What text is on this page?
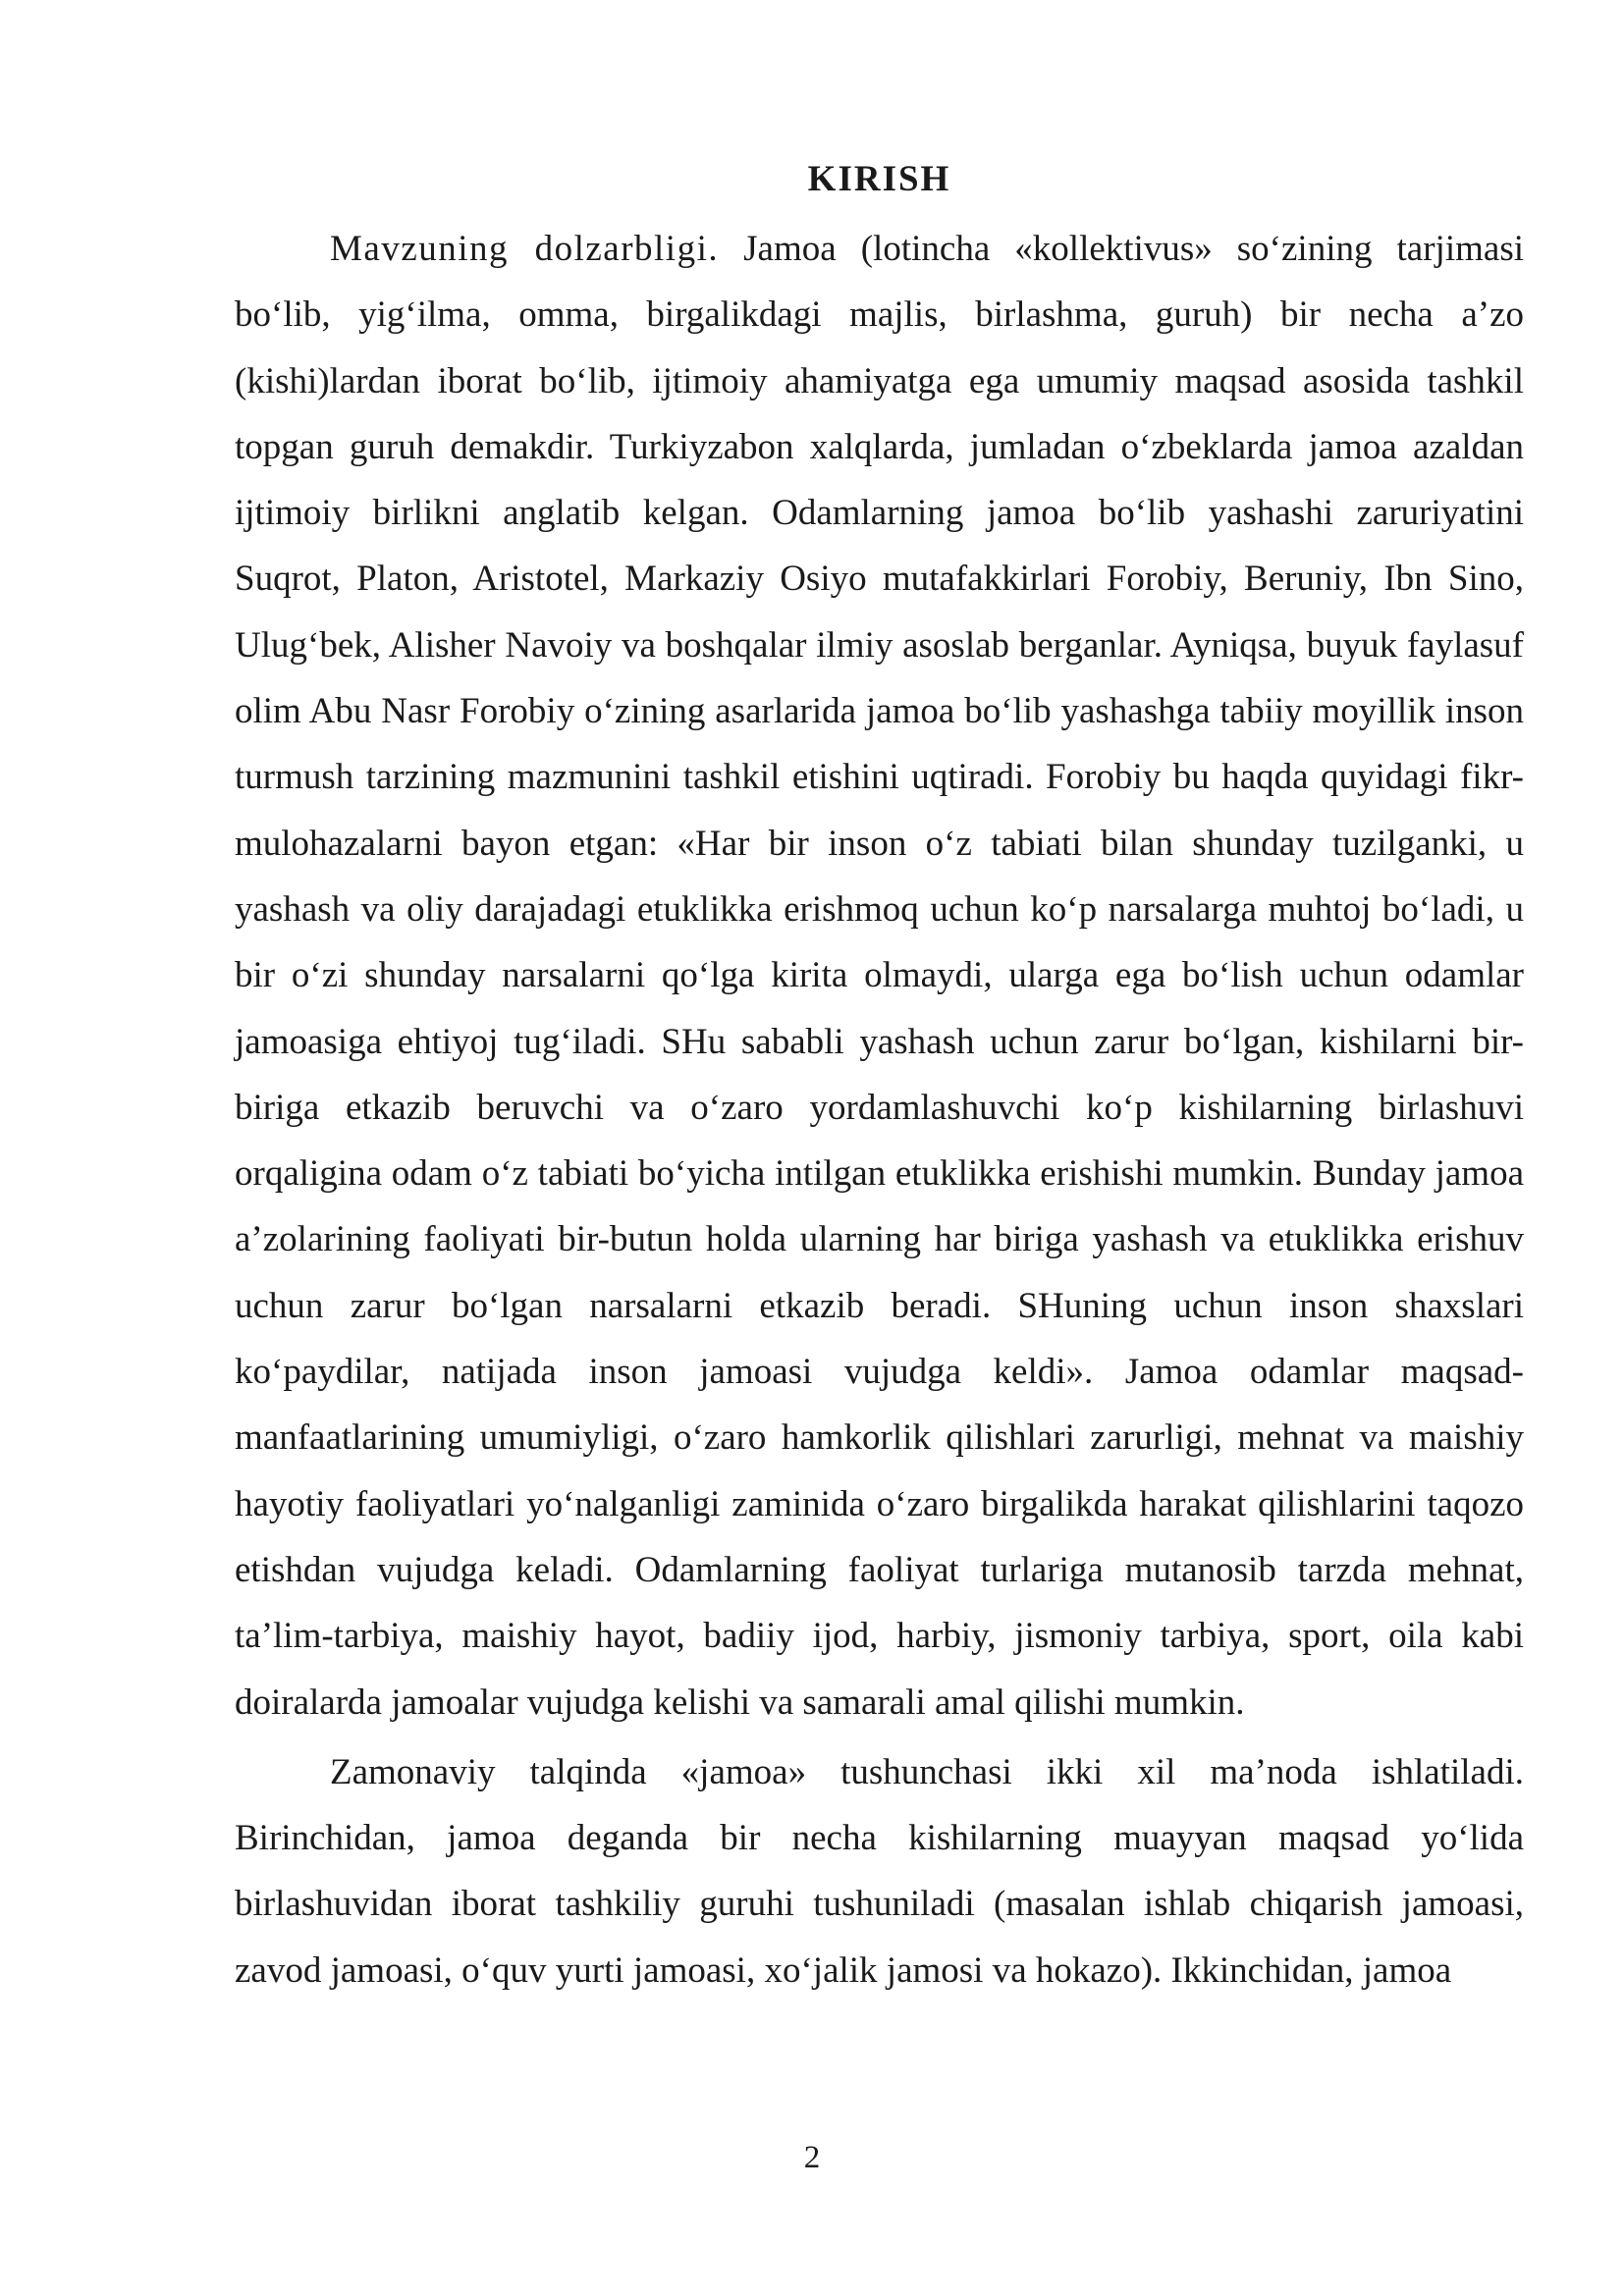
KIRISH

Mavzuning dolzarbligi. Jamoa (lotincha «kollektivus» so‘zining tarjimasi bo‘lib, yig‘ilma, omma, birgalikdagi majlis, birlashma, guruh) bir necha a’zo (kishi)lardan iborat bo‘lib, ijtimoiy ahamiyatga ega umumiy maqsad asosida tashkil topgan guruh demakdir. Turkiyzabon xalqlarda, jumladan o‘zbeklarda jamoa azaldan ijtimoiy birlikni anglatib kelgan. Odamlarning jamoa bo‘lib yashashi zaruriyatini Suqrot, Platon, Aristotel, Markaziy Osiyo mutafakkirlari Forobiy, Beruniy, Ibn Sino, Ulug‘bek, Alisher Navoiy va boshqalar ilmiy asoslab berganlar. Ayniqsa, buyuk faylasuf olim Abu Nasr Forobiy o‘zining asarlarida jamoa bo‘lib yashashga tabiiy moyillik inson turmush tarzining mazmunini tashkil etishini uqtiradi. Forobiy bu haqda quyidagi fikr-mulohazalarni bayon etgan: «Har bir inson o‘z tabiati bilan shunday tuzilganki, u yashash va oliy darajadagi etuklikka erishmoq uchun ko‘p narsalarga muhtoj bo‘ladi, u bir o‘zi shunday narsalarni qo‘lga kirita olmaydi, ularga ega bo‘lish uchun odamlar jamoasiga ehtiyoj tug‘iladi. SHu sababli yashash uchun zarur bo‘lgan, kishilarni bir-biriga etkazib beruvchi va o‘zaro yordamlashuvchi ko‘p kishilarning birlashuvi orqaligina odam o‘z tabiati bo‘yicha intilgan etuklikka erishishi mumkin. Bunday jamoa a’zolarining faoliyati bir-butun holda ularning har biriga yashash va etuklikka erishuv uchun zarur bo‘lgan narsalarni etkazib beradi. SHuning uchun inson shaxslari ko‘paydilar, natijada inson jamoasi vujudga keldi». Jamoa odamlar maqsad-manfaatlarining umumiyligi, o‘zaro hamkorlik qilishlari zarurligi, mehnat va maishiy hayotiy faoliyatlari yo‘nalganligi zaminida o‘zaro birgalikda harakat qilishlarini taqozo etishdan vujudga keladi. Odamlarning faoliyat turlariga mutanosib tarzda mehnat, ta’lim-tarbiya, maishiy hayot, badiiy ijod, harbiy, jismoniy tarbiya, sport, oila kabi doiralarda jamoalar vujudga kelishi va samarali amal qilishi mumkin.

Zamonaviy talqinda «jamoa» tushunchasi ikki xil ma’noda ishlatiladi. Birinchidan, jamoa deganda bir necha kishilarning muayyan maqsad yo‘lida birlashuvidan iborat tashkiliy guruhi tushuniladi (masalan ishlab chiqarish jamoasi, zavod jamoasi, o‘quv yurti jamoasi, xo‘jalik jamosi va hokazo). Ikkinchidan, jamoa

2
